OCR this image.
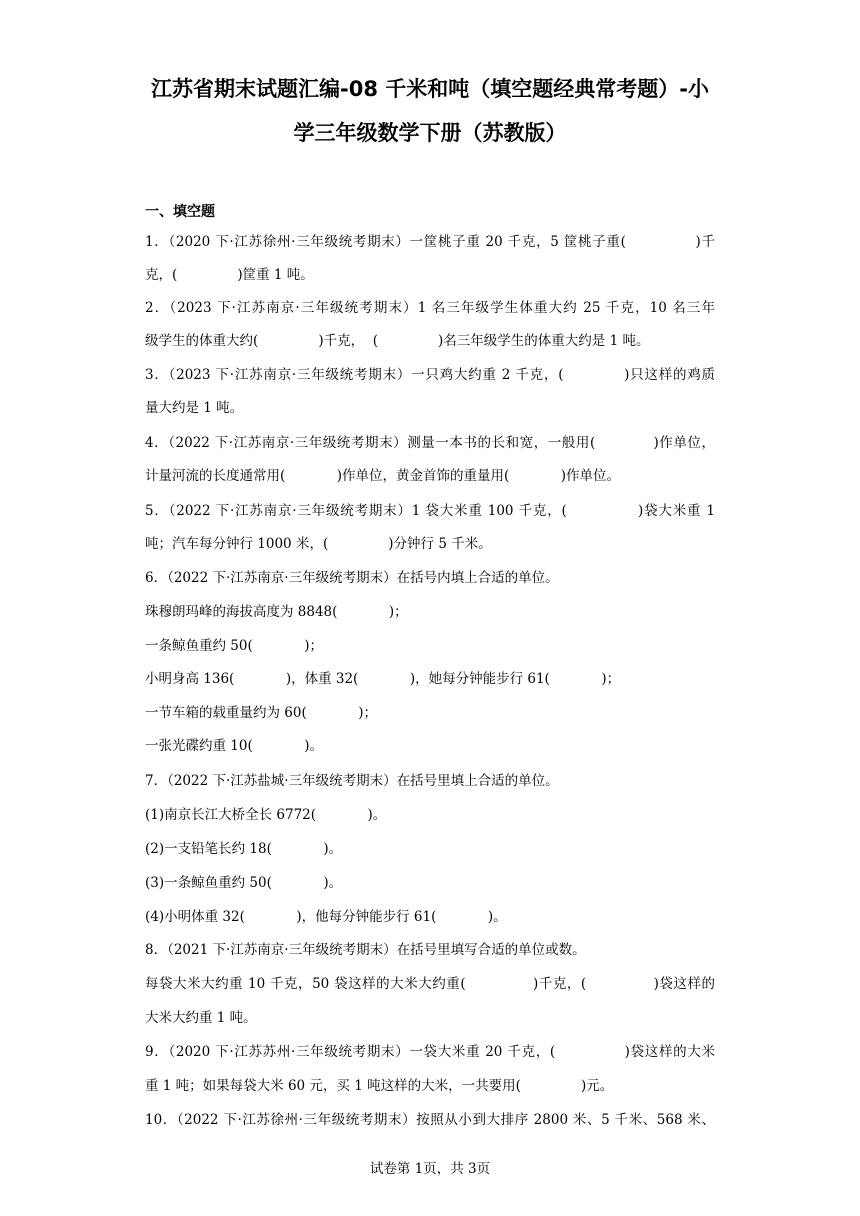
江苏省期末试题汇编-08 千米和吨（填空题经典常考题）-小
学三年级数学下册（苏教版）
一、填空题
1．（2020 下·江苏徐州·三年级统考期末）一筐桃子重 20 千克，5 筐桃子重(              )千
克，(              )筐重 1 吨。
2．（2023 下·江苏南京·三年级统考期末）1 名三年级学生体重大约 25 千克，10 名三年
级学生的体重大约(              )千克，  (              )名三年级学生的体重大约是 1 吨。
3．（2023 下·江苏南京·三年级统考期末）一只鸡大约重 2 千克，(            )只这样的鸡质
量大约是 1 吨。
4．（2022 下·江苏南京·三年级统考期末）测量一本书的长和宽，一般用(            )作单位，
计量河流的长度通常用(            )作单位，黄金首饰的重量用(            )作单位。
5．（2022 下·江苏南京·三年级统考期末）1 袋大米重 100 千克，(              )袋大米重 1
吨；汽车每分钟行 1000 米，(              )分钟行 5 千米。
6．（2022 下·江苏南京·三年级统考期末）在括号内填上合适的单位。
珠穆朗玛峰的海拔高度为 8848(            )；
一条鲸鱼重约 50(            )；
小明身高 136(            )，体重 32(            )，她每分钟能步行 61(            )；
一节车箱的载重量约为 60(            )；
一张光碟约重 10(            )。
7．（2022 下·江苏盐城·三年级统考期末）在括号里填上合适的单位。
(1)南京长江大桥全长 6772(            )。
(2)一支铅笔长约 18(            )。
(3)一条鲸鱼重约 50(            )。
(4)小明体重 32(            )，他每分钟能步行 61(            )。
8．（2021 下·江苏南京·三年级统考期末）在括号里填写合适的单位或数。
每袋大米大约重 10 千克，50 袋这样的大米大约重(              )千克，(              )袋这样的
大米大约重 1 吨。
9．（2020 下·江苏苏州·三年级统考期末）一袋大米重 20 千克，(              )袋这样的大米
重 1 吨；如果每袋大米 60 元，买 1 吨这样的大米，一共要用(              )元。
10．（2022 下·江苏徐州·三年级统考期末）按照从小到大排序 2800 米、5 千米、568 米、
试卷第 1页，共 3页
